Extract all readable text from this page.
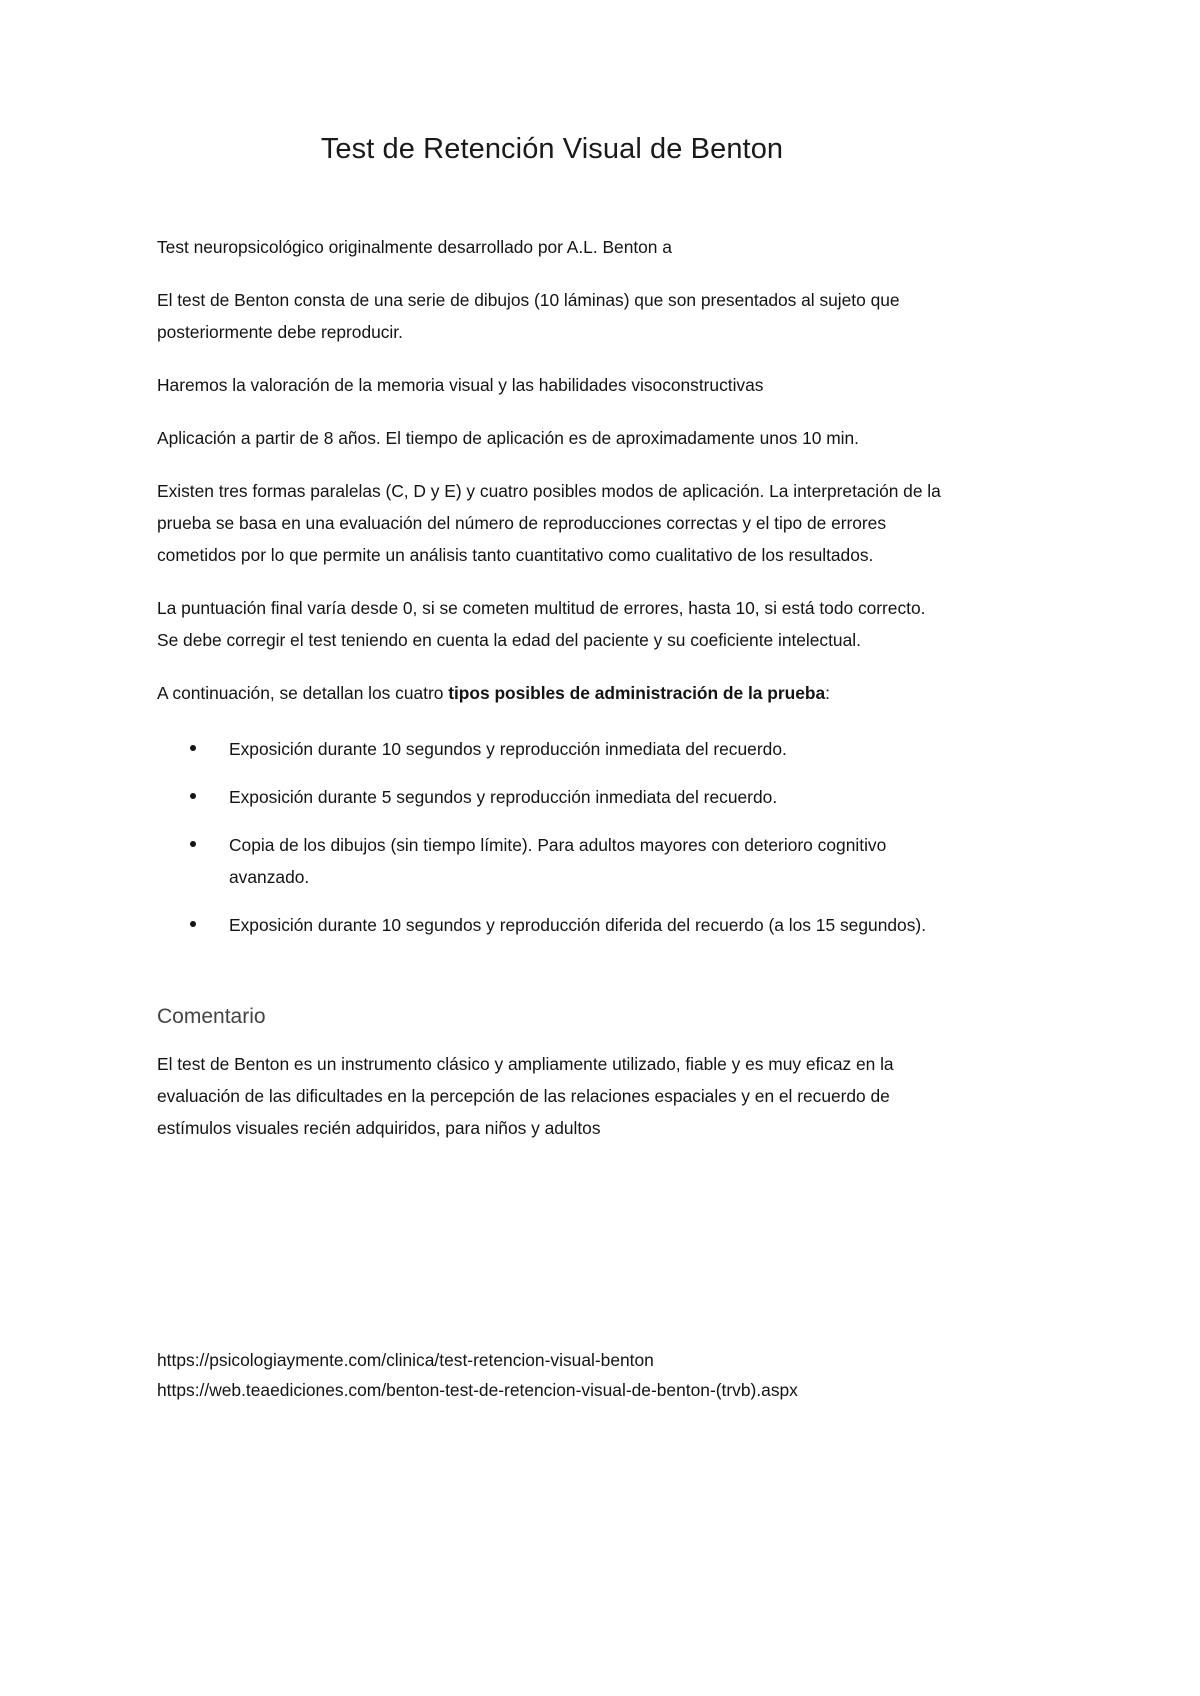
Test de Retención Visual de Benton

Test neuropsicológico originalmente desarrollado por A.L. Benton a

El test de Benton consta de una serie de dibujos (10 láminas) que son presentados al sujeto que posteriormente debe reproducir.

Haremos la valoración de la memoria visual y las habilidades visoconstructivas

Aplicación a partir de 8 años. El tiempo de aplicación es de aproximadamente unos 10 min.

Existen tres formas paralelas (C, D y E) y cuatro posibles modos de aplicación. La interpretación de la prueba se basa en una evaluación del número de reproducciones correctas y el tipo de errores cometidos por lo que permite un análisis tanto cuantitativo como cualitativo de los resultados.

La puntuación final varía desde 0, si se cometen multitud de errores, hasta 10, si está todo correcto. Se debe corregir el test teniendo en cuenta la edad del paciente y su coeficiente intelectual.

A continuación, se detallan los cuatro tipos posibles de administración de la prueba:

Exposición durante 10 segundos y reproducción inmediata del recuerdo.
Exposición durante 5 segundos y reproducción inmediata del recuerdo.
Copia de los dibujos (sin tiempo límite). Para adultos mayores con deterioro cognitivo avanzado.
Exposición durante 10 segundos y reproducción diferida del recuerdo (a los 15 segundos).
Comentario

El test de Benton es un instrumento clásico y ampliamente utilizado, fiable y es muy eficaz en la evaluación de las dificultades en la percepción de las relaciones espaciales y en el recuerdo de estímulos visuales recién adquiridos, para niños y adultos

https://psicologiaymente.com/clinica/test-retencion-visual-benton

https://web.teaediciones.com/benton-test-de-retencion-visual-de-benton-(trvb).aspx
